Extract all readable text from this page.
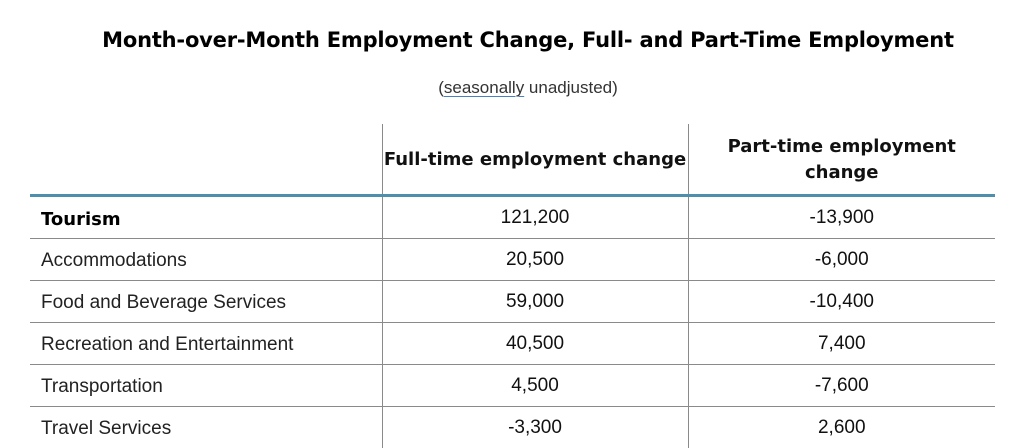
Month-over-Month Employment Change, Full- and Part-Time Employment
(seasonally unadjusted)
	Full-time employment change	Part-time employment change
Tourism	121,200	-13,900
Accommodations	20,500	-6,000
Food and Beverage Services	59,000	-10,400
Recreation and Entertainment	40,500	7,400
Transportation	4,500	-7,600
Travel Services	-3,300	2,600
